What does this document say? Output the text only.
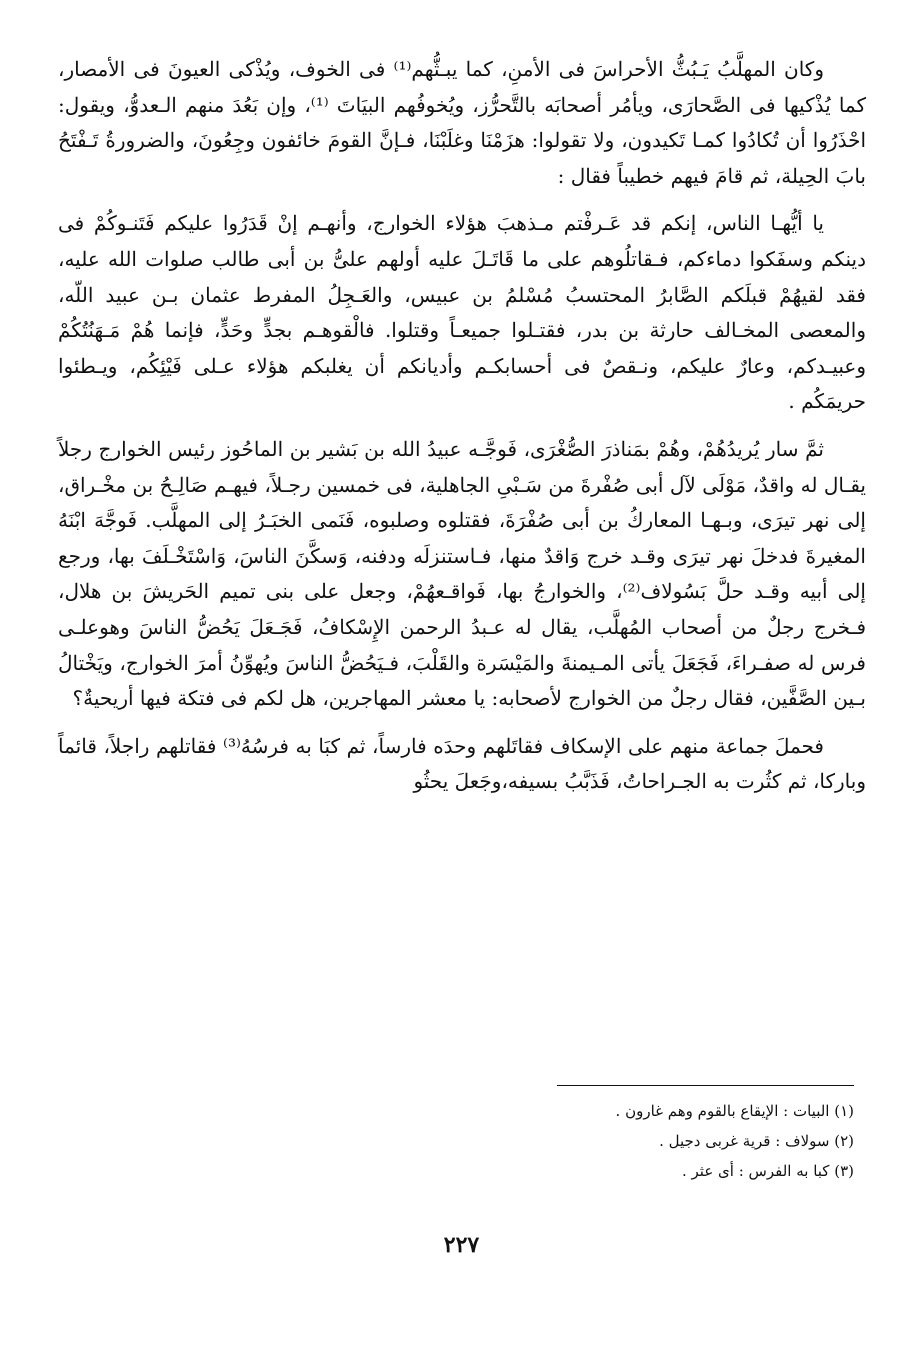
وكان المهلَّبُ يَـبُثُّ الأحراسَ فى الأمنِ، كما يبـثُّهم⁽¹⁾ فى الخوف، ويُذْكى العيونَ فى الأمصار، كما يُذْكيها فى الصَّحارَى، ويأمُر أصحابَه بالتَّحرُّز، ويُخوفُهم البيَاتَ ⁽¹⁾، وإن بَعُدَ منهم الـعدوُّ، ويقول: احْذَرُوا أن تُكادُوا كمـا تَكيدون، ولا تقولوا: هزَمْنَا وغلَبْنَا، فـإنَّ القومَ خائفون وجِعُونَ، والضرورةُ تَـفْتَحُ بابَ الحِيلة، ثم قامَ فيهم خطيباً فقال :

يا أيُّهـا الناس، إنكم قد عَـرفْتم مـذهبَ هؤلاء الخوارج، وأنهـم إنْ قَدَرُوا عليكم فَتَنـوكُمْ فى دينكم وسفَكوا دماءكم، فـقاتلُوهم على ما قَاتَـلَ عليه أولهم علىُّ بن أبى طالب صلوات الله عليه، فقد لقيهُمْ قبلَكم الصَّابرُ المحتسبُ مُسْلمُ بن عبيس، والعَـجِلُ المفرط عثمان بـن عبيد اللّه، والمعصى المخـالف حارثة بن بدر، فقتـلوا جميعـاً وقتلوا. فالْقوهـم بجدٍّ وحَدٍّ، فإنما هُمْ مَـهَنُتُكُمْ وعبيـدكم، وعارٌ عليكم، ونـقصٌ فى أحسابكـم وأديانكم أن يغلبكم هؤلاء عـلى فَيْئِكُم، ويـطئوا حريمَكُم .

ثمَّ سار يُريدُهُمْ، وهُمْ بمَناذرَ الصُّغْرَى، فَوجَّـه عبيدُ الله بن بَشير بن الماحُوز رئيس الخوارج رجلاً يقـال له واقدٌ، مَوْلَى لآل أبى صُفْرةَ من سَـبْىِ الجاهلية، فى خمسين رجـلاً، فيهـم صَالِـحُ بن مخْـراق، إلى نهر تيرَى، وبـهـا المعاركُ بن أبى صُفْرَةَ، فقتلوه وصلبوه، فَنَمى الخبَـرُ إلى المهلَّب. فَوجَّهَ ابْنَهُ المغيرةَ فدخلَ نهر تيرَى وقـد خرج وَاقدٌ منها، فـاستنزلَه ودفنه، وَسكَّنَ الناسَ، وَاسْتَخْـلَفَ بها، ورجع إلى أبيه وقـد حلَّ بَسُولاف⁽²⁾، والخوارجُ بها، فَواقـعهُمْ، وجعل على بنى تميم الحَريشَ بن هلال، فـخرج رجلٌ من أصحاب المُهلَّب، يقال له عـبدُ الرحمن الإِسْكافُ، فَجَـعَلَ يَحُضُّ الناسَ وهوعلـى فرس له صفـراءَ، فَجَعَلَ يأتى المـيمنةَ والمَيْسَرة والقَلْبَ، فـيَحُضُّ الناسَ ويُهوِّنُ أمرَ الخوارج، ويَخْتالُ بـين الصَّفَّين، فقال رجلٌ من الخوارج لأصحابه: يا معشر المهاجرين، هل لكم فى فتكة فيها أريحيةٌ؟

فحملَ جماعة منهم على الإسكاف فقاتَلهم وحدَه فارساً، ثم كبَا به فرسُهُ⁽³⁾ فقاتلهم راجلاً، قائماً وباركا، ثم كثُرت به الجـراحاتُ، فَذَبَّبُ بسيفه،وجَعلَ يحثُو

(١) البيات : الإيقاع بالقوم وهم غارون .
(٢) سولاف : قرية غربى دجيل .
(٣) كبا به الفرس : أى عثر .
٢٢٧
